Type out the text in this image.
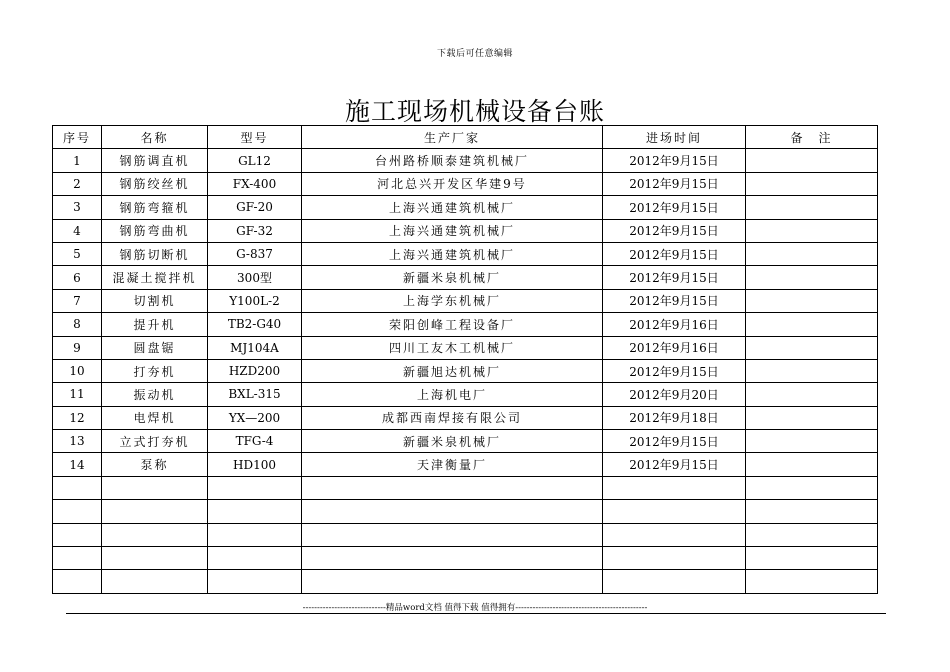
下载后可任意编辑
施工现场机械设备台账
序号	名称	型号	生产厂家	进场时间	备　注
1	钢筋调直机	GL12	台州路桥顺泰建筑机械厂	2012年9月15日	
2	钢筋绞丝机	FX-400	河北总兴开发区华建9号	2012年9月15日	
3	钢筋弯箍机	GF-20	上海兴通建筑机械厂	2012年9月15日	
4	钢筋弯曲机	GF-32	上海兴通建筑机械厂	2012年9月15日	
5	钢筋切断机	G-837	上海兴通建筑机械厂	2012年9月15日	
6	混凝土搅拌机	300型	新疆米泉机械厂	2012年9月15日	
7	切割机	Y100L-2	上海学东机械厂	2012年9月15日	
8	提升机	TB2-G40	荣阳创峰工程设备厂	2012年9月16日	
9	圆盘锯	MJ104A	四川工友木工机械厂	2012年9月16日	
10	打夯机	HZD200	新疆旭达机械厂	2012年9月15日	
11	振动机	BXL-315	上海机电厂	2012年9月20日	
12	电焊机	YX—200	成都西南焊接有限公司	2012年9月18日	
13	立式打夯机	TFG-4	新疆米泉机械厂	2012年9月15日	
14	泵称	HD100	天津衡量厂	2012年9月15日	

-----------------------------精品word文档 值得下载 值得拥有----------------------------------------------
